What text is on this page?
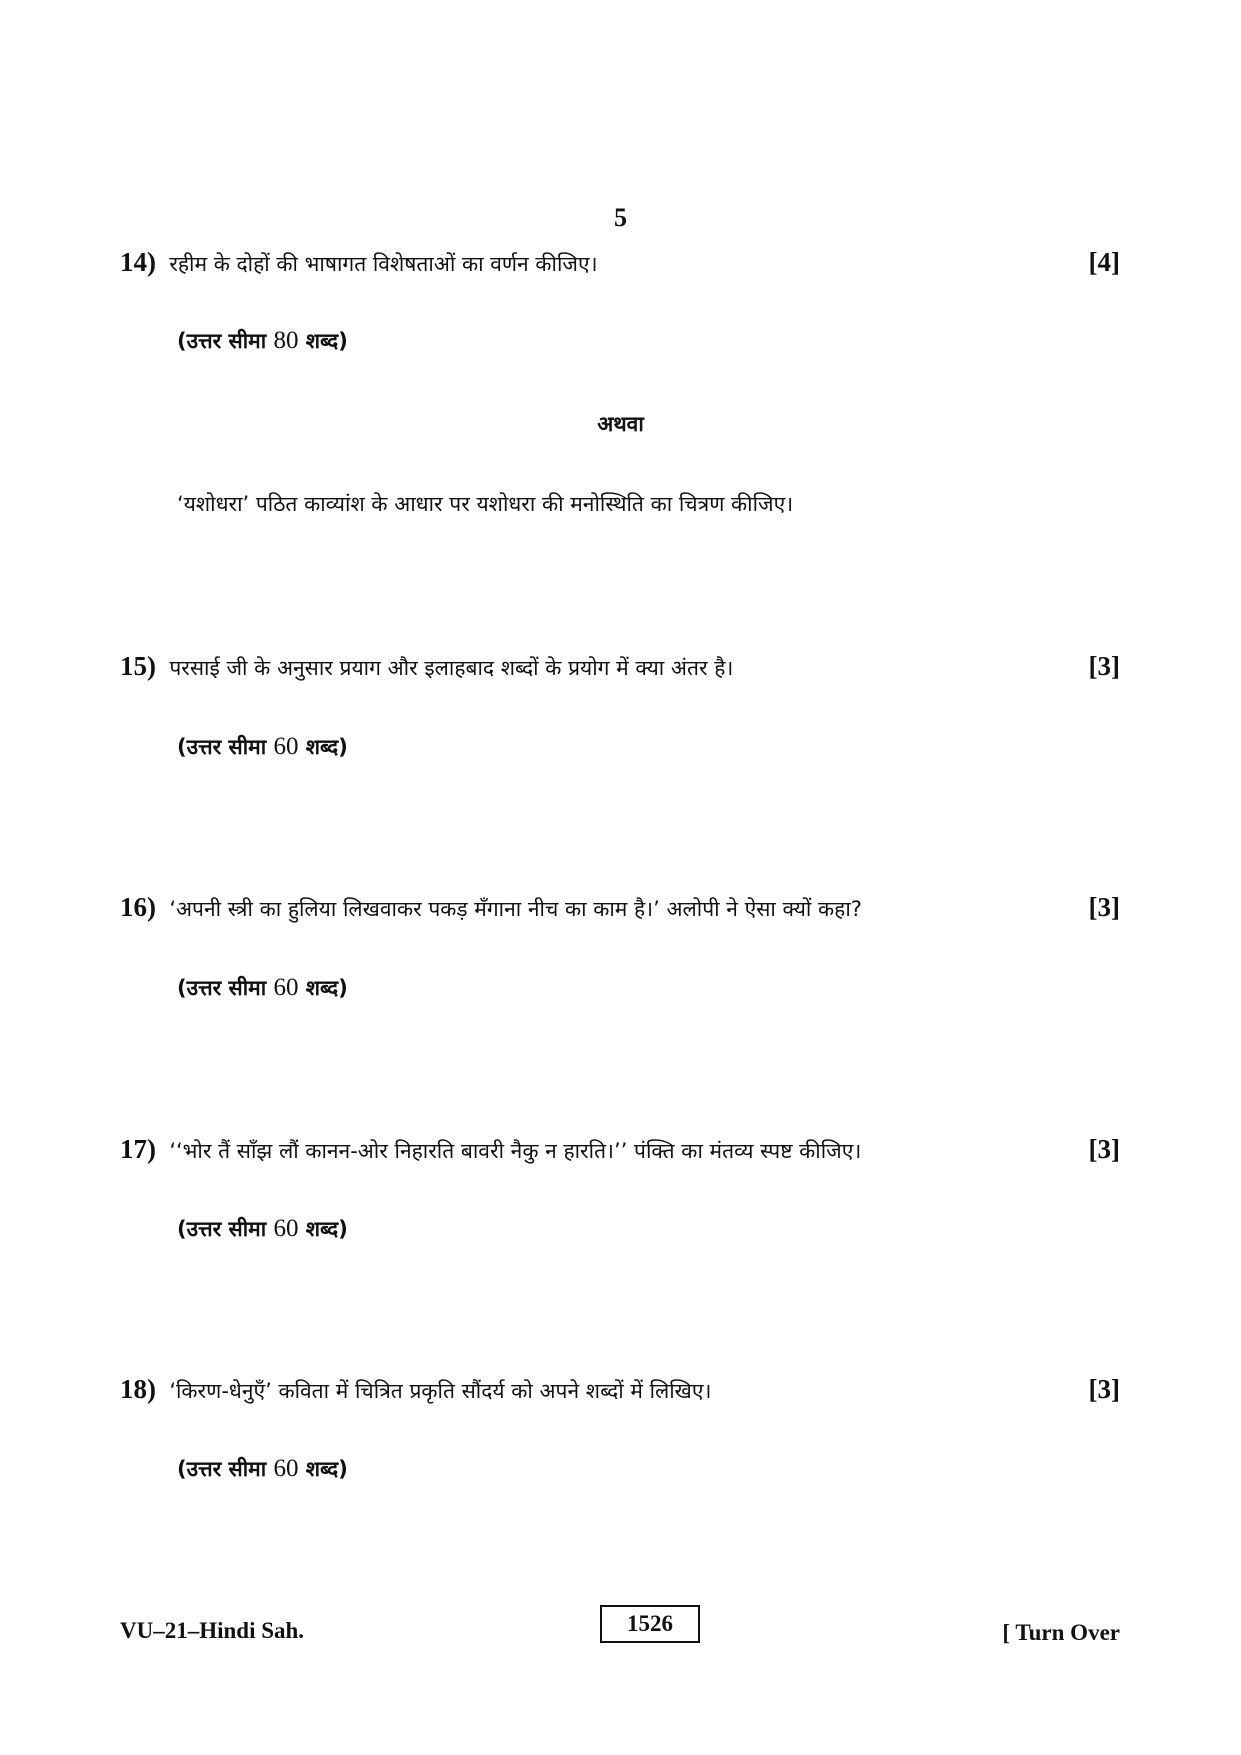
5
14) रहीम के दोहों की भाषागत विशेषताओं का वर्णन कीजिए।	[4]
(उत्तर सीमा 80 शब्द)
अथवा
‘यशोधरा’ पठित काव्यांश के आधार पर यशोधरा की मनोस्थिति का चित्रण कीजिए।
15) परसाई जी के अनुसार प्रयाग और इलाहबाद शब्दों के प्रयोग में क्या अंतर है।	[3]
(उत्तर सीमा 60 शब्द)
16) ‘अपनी स्त्री का हुलिया लिखवाकर पकड़ मँगाना नीच का काम है।’ अलोपी ने ऐसा क्यों कहा?	[3]
(उत्तर सीमा 60 शब्द)
17) ‘‘भोर तैं साँझ लौं कानन-ओर निहारति बावरी नैकु न हारति।’’ पंक्ति का मंतव्य स्पष्ट कीजिए।	[3]
(उत्तर सीमा 60 शब्द)
18) ‘किरण-धेनुएँ’ कविता में चित्रित प्रकृति सौंदर्य को अपने शब्दों में लिखिए।	[3]
(उत्तर सीमा 60 शब्द)
VU–21–Hindi Sah.	1526	[ Turn Over
